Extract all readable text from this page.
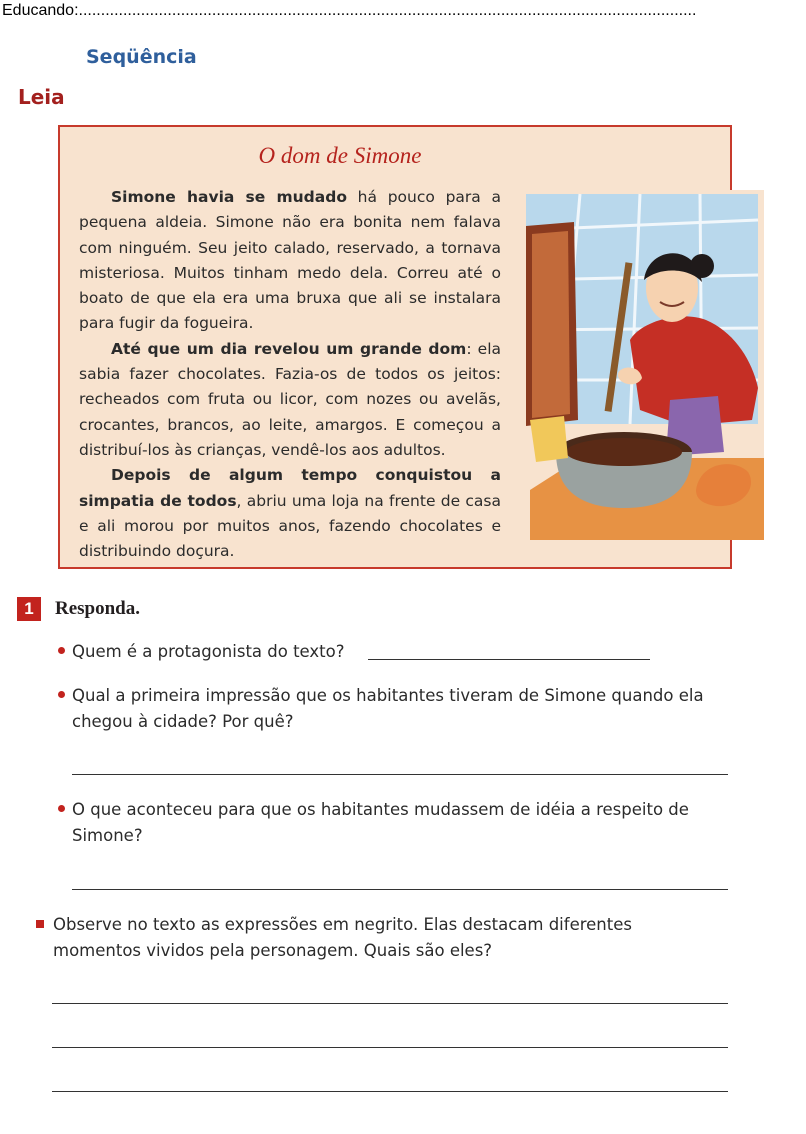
Educando:...........................................................................................................................................
Seqüência
Leia
O dom de Simone

Simone havia se mudado há pouco para a pequena aldeia. Simone não era bonita nem falava com ninguém. Seu jeito calado, reservado, a tornava misteriosa. Muitos tinham medo dela. Correu até o boato de que ela era uma bruxa que ali se instalara para fugir da fogueira.

Até que um dia revelou um grande dom: ela sabia fazer chocolates. Fazia-os de todos os jeitos: recheados com fruta ou licor, com nozes ou avelãs, crocantes, brancos, ao leite, amargos. E começou a distribuí-los às crianças, vendê-los aos adultos.

Depois de algum tempo conquistou a simpatia de todos, abriu uma loja na frente de casa e ali morou por muitos anos, fazendo chocolates e distribuindo doçura.

1	Responda.
Quem é a protagonista do texto?
Qual a primeira impressão que os habitantes tiveram de Simone quando ela chegou à cidade? Por quê?
O que aconteceu para que os habitantes mudassem de idéia a respeito de Simone?
Observe no texto as expressões em negrito. Elas destacam diferentes momentos vividos pela personagem. Quais são eles?
